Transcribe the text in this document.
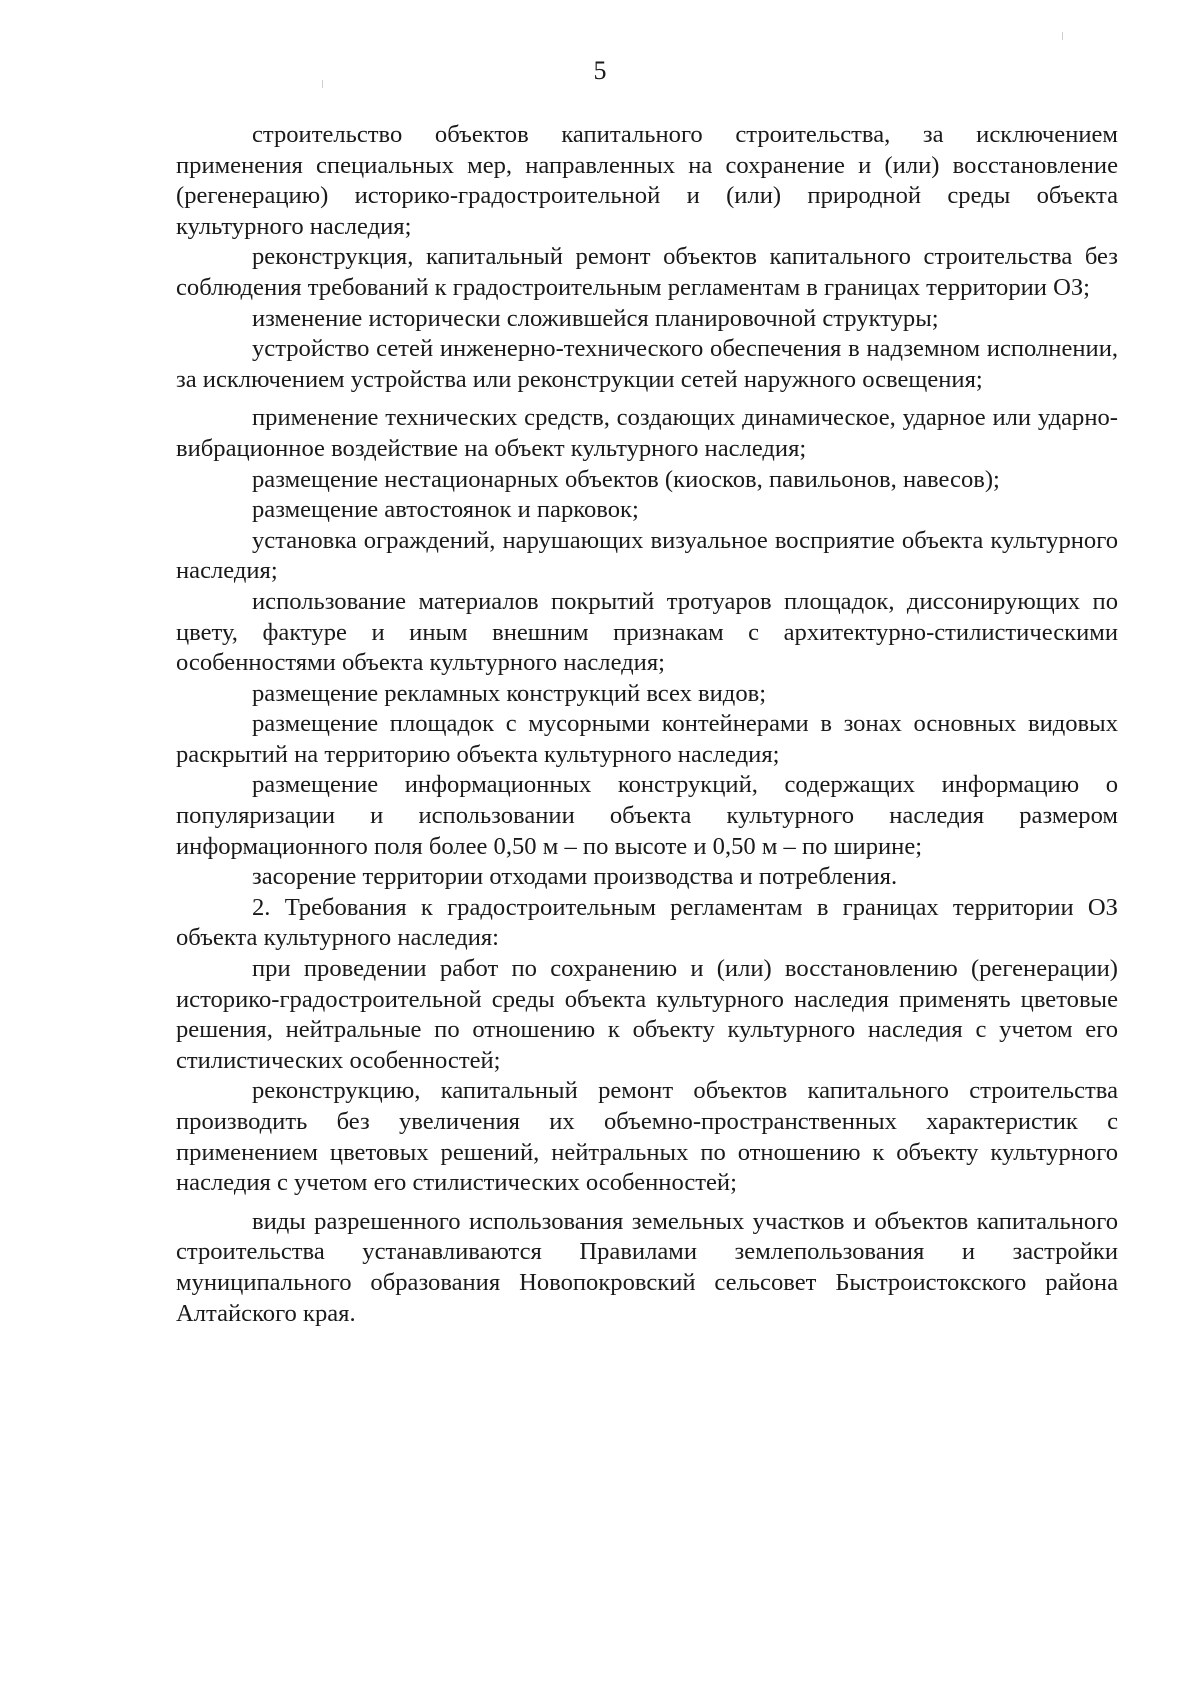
5

строительство объектов капитального строительства, за исключением применения специальных мер, направленных на сохранение и (или) восстановление (регенерацию) историко-градостроительной и (или) природной среды объекта культурного наследия;

реконструкция, капитальный ремонт объектов капитального строительства без соблюдения требований к градостроительным регламентам в границах территории ОЗ;

изменение исторически сложившейся планировочной структуры;

устройство сетей инженерно-технического обеспечения в надземном исполнении, за исключением устройства или реконструкции сетей наружного освещения;

применение технических средств, создающих динамическое, ударное или ударно-вибрационное воздействие на объект культурного наследия;

размещение нестационарных объектов (киосков, павильонов, навесов);

размещение автостоянок и парковок;

установка ограждений, нарушающих визуальное восприятие объекта культурного наследия;

использование материалов покрытий тротуаров площадок, диссонирующих по цвету, фактуре и иным внешним признакам с архитектурно-стилистическими особенностями объекта культурного наследия;

размещение рекламных конструкций всех видов;

размещение площадок с мусорными контейнерами в зонах основных видовых раскрытий на территорию объекта культурного наследия;

размещение информационных конструкций, содержащих информацию о популяризации и использовании объекта культурного наследия размером информационного поля более 0,50 м – по высоте и 0,50 м – по ширине;

засорение территории отходами производства и потребления.

2. Требования к градостроительным регламентам в границах территории ОЗ объекта культурного наследия:

при проведении работ по сохранению и (или) восстановлению (регенерации) историко-градостроительной среды объекта культурного наследия применять цветовые решения, нейтральные по отношению к объекту культурного наследия с учетом его стилистических особенностей;

реконструкцию, капитальный ремонт объектов капитального строительства производить без увеличения их объемно-пространственных характеристик с применением цветовых решений, нейтральных по отношению к объекту культурного наследия с учетом его стилистических особенностей;

виды разрешенного использования земельных участков и объектов капитального строительства устанавливаются Правилами землепользования и застройки муниципального образования Новопокровский сельсовет Быстроистокского района Алтайского края.
